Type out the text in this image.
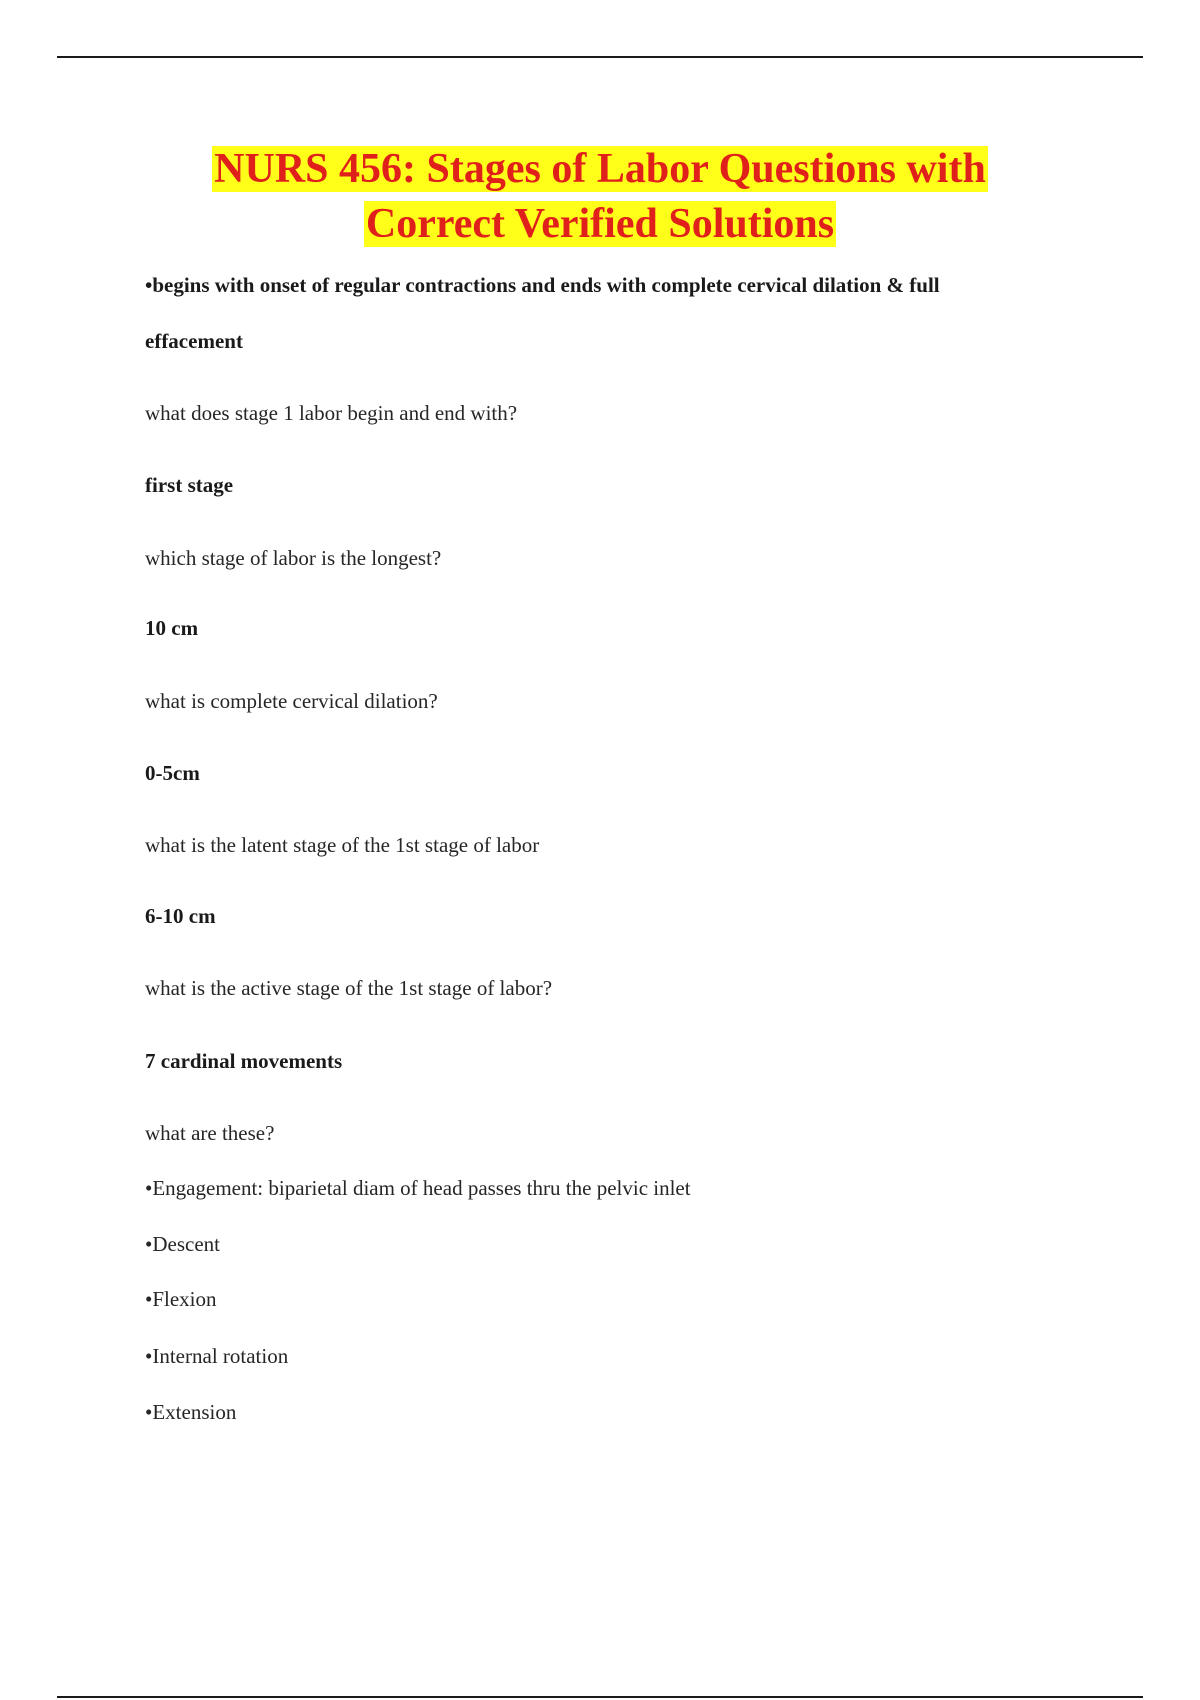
NURS 456: Stages of Labor Questions with
Correct Verified Solutions

•begins with onset of regular contractions and ends with complete cervical dilation & full

effacement

what does stage 1 labor begin and end with?

first stage

which stage of labor is the longest?

10 cm

what is complete cervical dilation?

0-5cm

what is the latent stage of the 1st stage of labor

6-10 cm

what is the active stage of the 1st stage of labor?

7 cardinal movements

what are these?

•Engagement: biparietal diam of head passes thru the pelvic inlet

•Descent

•Flexion

•Internal rotation

•Extension
